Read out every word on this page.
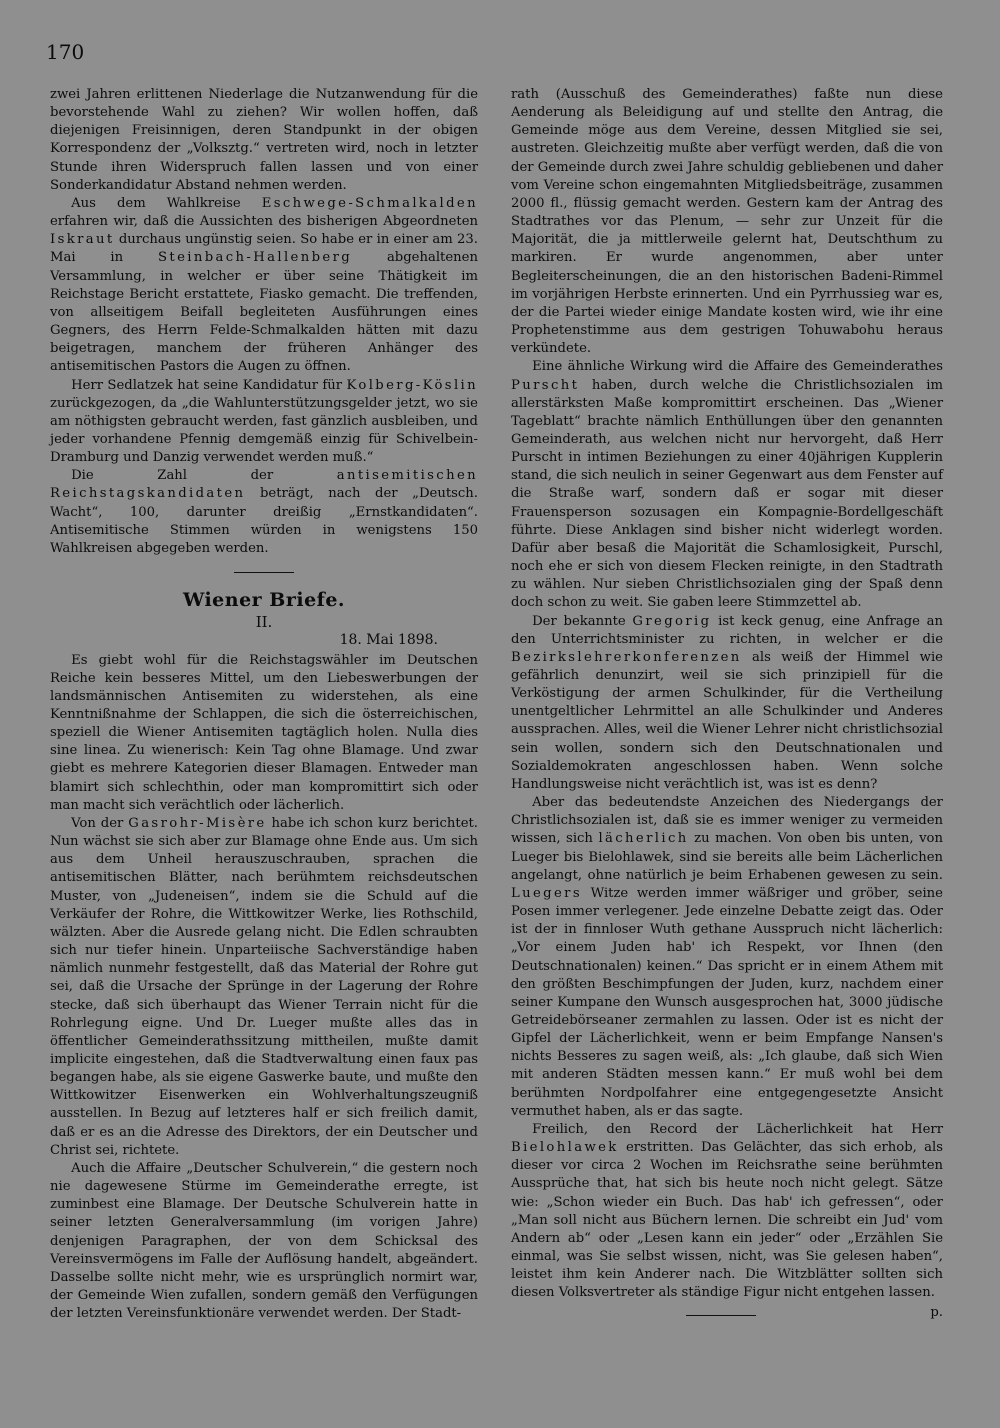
170

zwei Jahren erlittenen Niederlage die Nutzanwendung für die bevorstehende Wahl zu ziehen? Wir wollen hoffen, daß diejenigen Freisinnigen, deren Standpunkt in der obigen Korrespondenz der „Volksztg.“ vertreten wird, noch in letzter Stunde ihren Widerspruch fallen lassen und von einer Sonderkandidatur Abstand nehmen werden.

Aus dem Wahlkreise Eschwege-Schmalkalden erfahren wir, daß die Aussichten des bisherigen Abgeordneten Iskraut durchaus ungünstig seien. So habe er in einer am 23. Mai in	Steinbach-Hallenberg	abgehaltenen Versammlung, in welcher er über seine Thätigkeit im Reichstage Bericht erstattete, Fiasko gemacht. Die treffenden, von allseitigem Beifall begleiteten Ausführungen eines Gegners, des Herrn Felde-Schmalkalden hätten mit dazu beigetragen, manchem der früheren Anhänger des antisemitischen Pastors die Augen zu öffnen.

Herr Sedlatzek hat seine Kandidatur für Kolberg-Köslin zurückgezogen, da „die Wahlunterstützungsgelder jetzt, wo sie am nöthigsten gebraucht werden, fast gänzlich ausbleiben, und jeder vorhandene Pfennig demgemäß einzig für Schivelbein-Dramburg und Danzig verwendet werden muß.“

Die Zahl der	antisemitischen Reichstagskandidaten beträgt, nach der „Deutsch. Wacht“, 100, darunter dreißig „Ernstkandidaten“. Antisemitische Stimmen würden in wenigstens 150 Wahlkreisen abgegeben werden.

Wiener Briefe.
II.
18. Mai 1898.

Es giebt wohl für die Reichstagswähler im Deutschen Reiche kein besseres Mittel, um den Liebeswerbungen der landsmännischen Antisemiten zu widerstehen, als eine Kenntnißnahme der Schlappen, die sich die österreichischen, speziell die Wiener Antisemiten tagtäglich holen. Nulla dies sine linea. Zu wienerisch: Kein Tag ohne Blamage. Und zwar giebt es mehrere Kategorien dieser Blamagen. Entweder man blamirt sich schlechthin, oder man kompromittirt sich oder man macht sich verächtlich oder lächerlich.

Von der Gasrohr-Misère habe ich schon kurz berichtet. Nun wächst sie sich aber zur Blamage ohne Ende aus. Um sich aus dem Unheil herauszuschrauben, sprachen die antisemitischen Blätter, nach berühmtem reichsdeutschen Muster, von „Judeneisen“, indem sie die Schuld auf die Verkäufer der Rohre, die Wittkowitzer Werke, lies Rothschild, wälzten. Aber die Ausrede gelang nicht. Die Edlen schraubten sich nur tiefer hinein. Unparteiische Sachverständige haben nämlich nunmehr festgestellt, daß das Material der Rohre gut sei, daß die Ursache der Sprünge in der Lagerung der Rohre stecke, daß sich überhaupt das Wiener Terrain nicht für die Rohrlegung eigne. Und Dr. Lueger mußte alles das in öffentlicher Gemeinderathssitzung mittheilen, mußte damit implicite eingestehen, daß die Stadtverwaltung einen faux pas begangen habe, als sie eigene Gaswerke baute, und mußte den Wittkowitzer Eisenwerken ein Wohlverhaltungszeugniß ausstellen. In Bezug auf letzteres half er sich freilich damit, daß er es an die Adresse des Direktors, der ein Deutscher und Christ sei, richtete.

Auch die Affaire „Deutscher Schulverein,“ die gestern noch nie dagewesene Stürme im Gemeinderathe erregte, ist zuminbest eine Blamage. Der Deutsche Schulverein hatte in seiner letzten Generalversammlung (im vorigen Jahre) denjenigen Paragraphen, der von dem Schicksal des Vereinsvermögens im Falle der Auflösung handelt, abgeändert. Dasselbe sollte nicht mehr, wie es ursprünglich normirt war, der Gemeinde Wien zufallen, sondern gemäß den Verfügungen der letzten Vereinsfunktionäre verwendet werden. Der Stadt-

rath (Ausschuß des Gemeinderathes) faßte nun diese Aenderung als Beleidigung auf und stellte den Antrag, die Gemeinde möge aus dem Vereine, dessen Mitglied sie sei, austreten. Gleichzeitig mußte aber verfügt werden, daß die von der Gemeinde durch zwei Jahre schuldig gebliebenen und daher vom Vereine schon eingemahnten Mitgliedsbeiträge, zusammen 2000 fl., flüssig gemacht werden. Gestern kam der Antrag des Stadtrathes vor das Plenum, — sehr zur Unzeit für die Majorität, die ja mittlerweile gelernt hat, Deutschthum zu markiren. Er wurde angenommen, aber unter Begleiterscheinungen, die an den historischen Badeni-Rimmel im vorjährigen Herbste erinnerten. Und ein Pyrrhussieg war es, der die Partei wieder einige Mandate kosten wird, wie ihr eine Prophetenstimme aus dem gestrigen Tohuwabohu heraus verkündete.

Eine ähnliche Wirkung wird die Affaire des Gemeinderathes Purscht haben, durch welche die Christlichsozialen im allerstärksten Maße kompromittirt erscheinen. Das „Wiener Tageblatt“ brachte nämlich Enthüllungen über den genannten Gemeinderath, aus welchen nicht nur hervorgeht, daß Herr Purscht in intimen Beziehungen zu einer 40jährigen Kupplerin stand, die sich neulich in seiner Gegenwart aus dem Fenster auf die Straße warf, sondern daß er sogar mit dieser Frauensperson sozusagen ein Kompagnie-Bordellgeschäft führte. Diese Anklagen sind bisher nicht widerlegt worden. Dafür aber besaß die Majorität die Schamlosigkeit, Purschl, noch ehe er sich von diesem Flecken reinigte, in den Stadtrath zu wählen. Nur sieben Christlichsozialen ging der Spaß denn doch schon zu weit. Sie gaben leere Stimmzettel ab.

Der bekannte Gregorig ist keck genug, eine Anfrage an den Unterrichtsminister zu richten, in welcher er die Bezirkslehrerkonferenzen als weiß der Himmel wie gefährlich denunzirt, weil sie sich prinzipiell für die Verköstigung der armen Schulkinder, für die Vertheilung unentgeltlicher Lehrmittel an alle Schulkinder und Anderes aussprachen. Alles, weil die Wiener Lehrer nicht christlichsozial sein wollen, sondern sich den Deutschnationalen und Sozialdemokraten angeschlossen haben. Wenn solche Handlungsweise nicht verächtlich ist, was ist es denn?

Aber das bedeutendste Anzeichen des Niedergangs der Christlichsozialen ist, daß sie es immer weniger zu vermeiden wissen, sich lächerlich zu machen. Von oben bis unten, von Lueger bis Bielohlawek, sind sie bereits alle beim Lächerlichen angelangt, ohne natürlich je beim Erhabenen gewesen zu sein. Luegers Witze werden immer wäßriger und gröber, seine Posen immer verlegener. Jede einzelne Debatte zeigt das. Oder ist der in finnloser Wuth gethane Ausspruch nicht lächerlich: „Vor einem Juden hab' ich Respekt, vor Ihnen (den Deutschnationalen) keinen.“ Das spricht er in einem Athem mit den größten Beschimpfungen der Juden, kurz, nachdem einer seiner Kumpane den Wunsch ausgesprochen hat, 3000 jüdische Getreidebörseaner zermahlen zu lassen. Oder ist es nicht der Gipfel der Lächerlichkeit, wenn er beim Empfange Nansen's nichts Besseres zu sagen weiß, als: „Ich glaube, daß sich Wien mit anderen Städten messen kann.“ Er muß wohl bei dem berühmten Nordpolfahrer eine entgegengesetzte Ansicht vermuthet haben, als er das sagte.

Freilich, den Record der Lächerlichkeit hat Herr Bielohlawek erstritten. Das Gelächter, das sich erhob, als dieser vor circa 2 Wochen im Reichsrathe seine berühmten Aussprüche that, hat sich bis heute noch nicht gelegt. Sätze wie: „Schon wieder ein Buch. Das hab' ich gefressen“, oder „Man soll nicht aus Büchern lernen. Die schreibt ein Jud' vom Andern ab“ oder „Lesen kann ein jeder“ oder „Erzählen Sie einmal, was Sie selbst wissen, nicht, was Sie gelesen haben“, leistet ihm kein Anderer nach. Die Witzblätter sollten sich diesen Volksvertreter als ständige Figur nicht entgehen lassen.

p.
